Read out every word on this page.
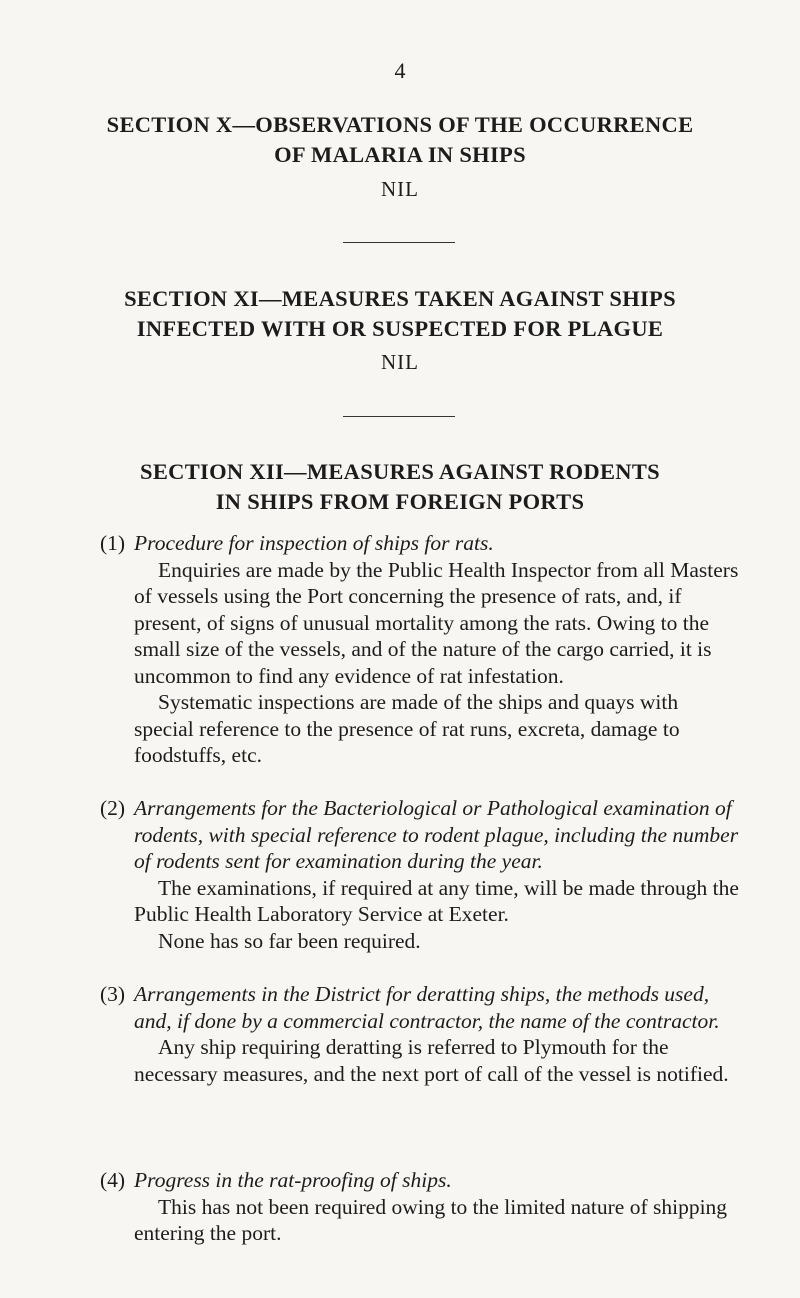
4
SECTION X—OBSERVATIONS OF THE OCCURRENCE
OF MALARIA IN SHIPS
NIL
SECTION XI—MEASURES TAKEN AGAINST SHIPS
INFECTED WITH OR SUSPECTED FOR PLAGUE
NIL
SECTION XII—MEASURES AGAINST RODENTS
IN SHIPS FROM FOREIGN PORTS
(1) Procedure for inspection of ships for rats.

Enquiries are made by the Public Health Inspector from all Masters of vessels using the Port concerning the presence of rats, and, if present, of signs of unusual mortality among the rats. Owing to the small size of the vessels, and of the nature of the cargo carried, it is uncommon to find any evidence of rat infestation.

Systematic inspections are made of the ships and quays with special reference to the presence of rat runs, excreta, damage to foodstuffs, etc.

(2) Arrangements for the Bacteriological or Pathological examination of rodents, with special reference to rodent plague, including the number of rodents sent for examination during the year.

The examinations, if required at any time, will be made through the Public Health Laboratory Service at Exeter.

None has so far been required.

(3) Arrangements in the District for deratting ships, the methods used, and, if done by a commercial contractor, the name of the contractor.

Any ship requiring deratting is referred to Plymouth for the necessary measures, and the next port of call of the vessel is notified.

(4) Progress in the rat-proofing of ships.

This has not been required owing to the limited nature of shipping entering the port.
